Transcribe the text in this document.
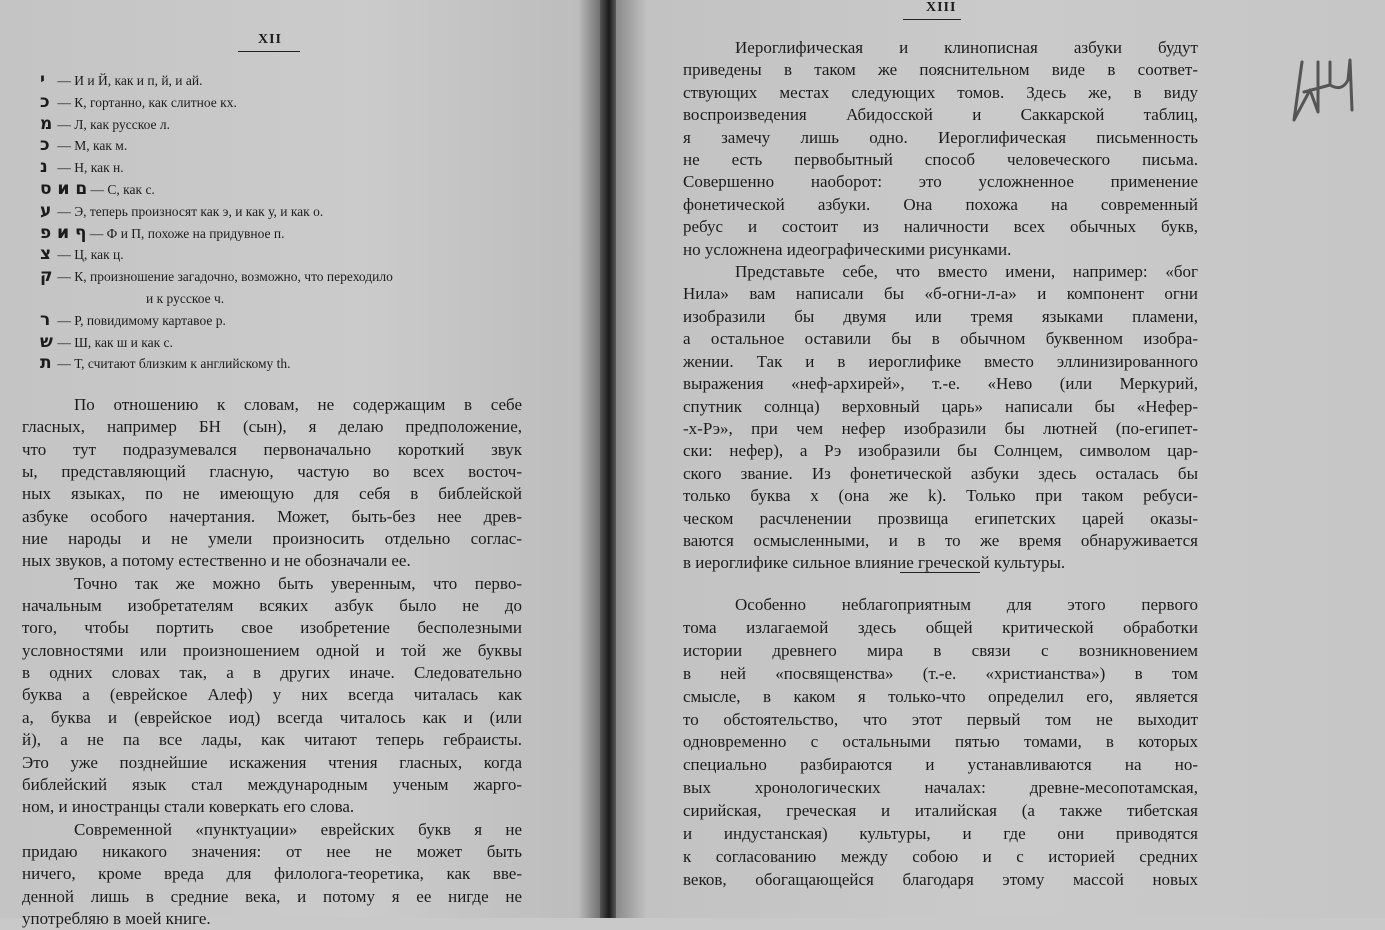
XII
י — И и Й, как и п, й, и ай.
כ — К, гортанно, как слитное кх.
מ — Л, как русское л.
כ — М, как м.
נ — Н, как н.
ס и ם — С, как с.
ע — Э, теперь произносят как э, и как у, и как о.
פ и ף — Ф и П, похоже на придувное п.
צ — Ц, как ц.
ק — К, произношение загадочно, возможно, что переходило
и к русское ч.
ר — Р, повидимому картавое р.
ש — Ш, как ш и как с.
ת — Т, считают близким к английскому th.
По отношению к словам, не содержащим в себе
гласных, например БН (сын), я делаю предположение,
что тут подразумевался первоначально короткий звук
ы, представляющий гласную, частую во всех восточ-
ных языках, по не имеющую для себя в библейской
азбуке особого начертания. Может, быть-без нее древ-
ние народы и не умели произносить отдельно соглас-
ных звуков, а потому естественно и не обозначали ее.
Точно так же можно быть уверенным, что перво-
начальным изобретателям всяких азбук было не до
того, чтобы портить свое изобретение бесполезными
условностями или произношением одной и той же буквы
в одних словах так, а в других иначе. Следовательно
буква а (еврейское Алеф) у них всегда читалась как
а, буква и (еврейское иод) всегда читалось как и (или
й), а не па все лады, как читают теперь гебраисты.
Это уже позднейшие искажения чтения гласных, когда
библейский язык стал международным ученым жарго-
ном, и иностранцы стали коверкать его слова.
Современной «пунктуации» еврейских букв я не
придаю никакого значения: от нее не может быть
ничего, кроме вреда для филолога-теоретика, как вве-
денной лишь в средние века, и потому я ее нигде не
употребляю в моей книге.
XIII
Иероглифическая и клинописная азбуки будут
приведены в таком же пояснительном виде в соответ-
ствующих местах следующих томов. Здесь же, в виду
воспроизведения Абидосской и Саккарской таблиц,
я замечу лишь одно. Иероглифическая письменность
не есть первобытный способ человеческого письма.
Совершенно наоборот: это усложненное применение
фонетической азбуки. Она похожа на современный
ребус и состоит из наличности всех обычных букв,
но усложнена идеографическими рисунками.
Представьте себе, что вместо имени, например: «бог
Нила» вам написали бы «б-огни-л-а» и компонент огни
изобразили бы двумя или тремя языками пламени,
а остальное оставили бы в обычном буквенном изобра-
жении. Так и в иероглифике вместо эллинизированного
выражения «неф-архирей», т.-е. «Нево (или Меркурий,
спутник солнца) верховный царь» написали бы «Нефер-
-х-Рэ», при чем нефер изобразили бы лютней (по-египет-
ски: нефер), а Рэ изобразили бы Солнцем, символом цар-
ского звание. Из фонетической азбуки здесь осталась бы
только буква х (она же k). Только при таком ребуси-
ческом расчленении прозвища египетских царей оказы-
ваются осмысленными, и в то же время обнаруживается
в иероглифике сильное влияние греческой культуры.
Особенно неблагоприятным для этого первого
тома излагаемой здесь общей критической обработки
истории древнего мира в связи с возникновением
в ней «посвященства» (т.-е. «христианства») в том
смысле, в каком я только-что определил его, является
то обстоятельство, что этот первый том не выходит
одновременно с остальными пятью томами, в которых
специально разбираются и устанавливаются на но-
вых хронологических началах: древне-месопотамская,
сирийская, греческая и италийская (а также тибетская
и индустанская) культуры, и где они приводятся
к согласованию между собою и с историей средних
веков, обогащающейся благодаря этому массой новых
